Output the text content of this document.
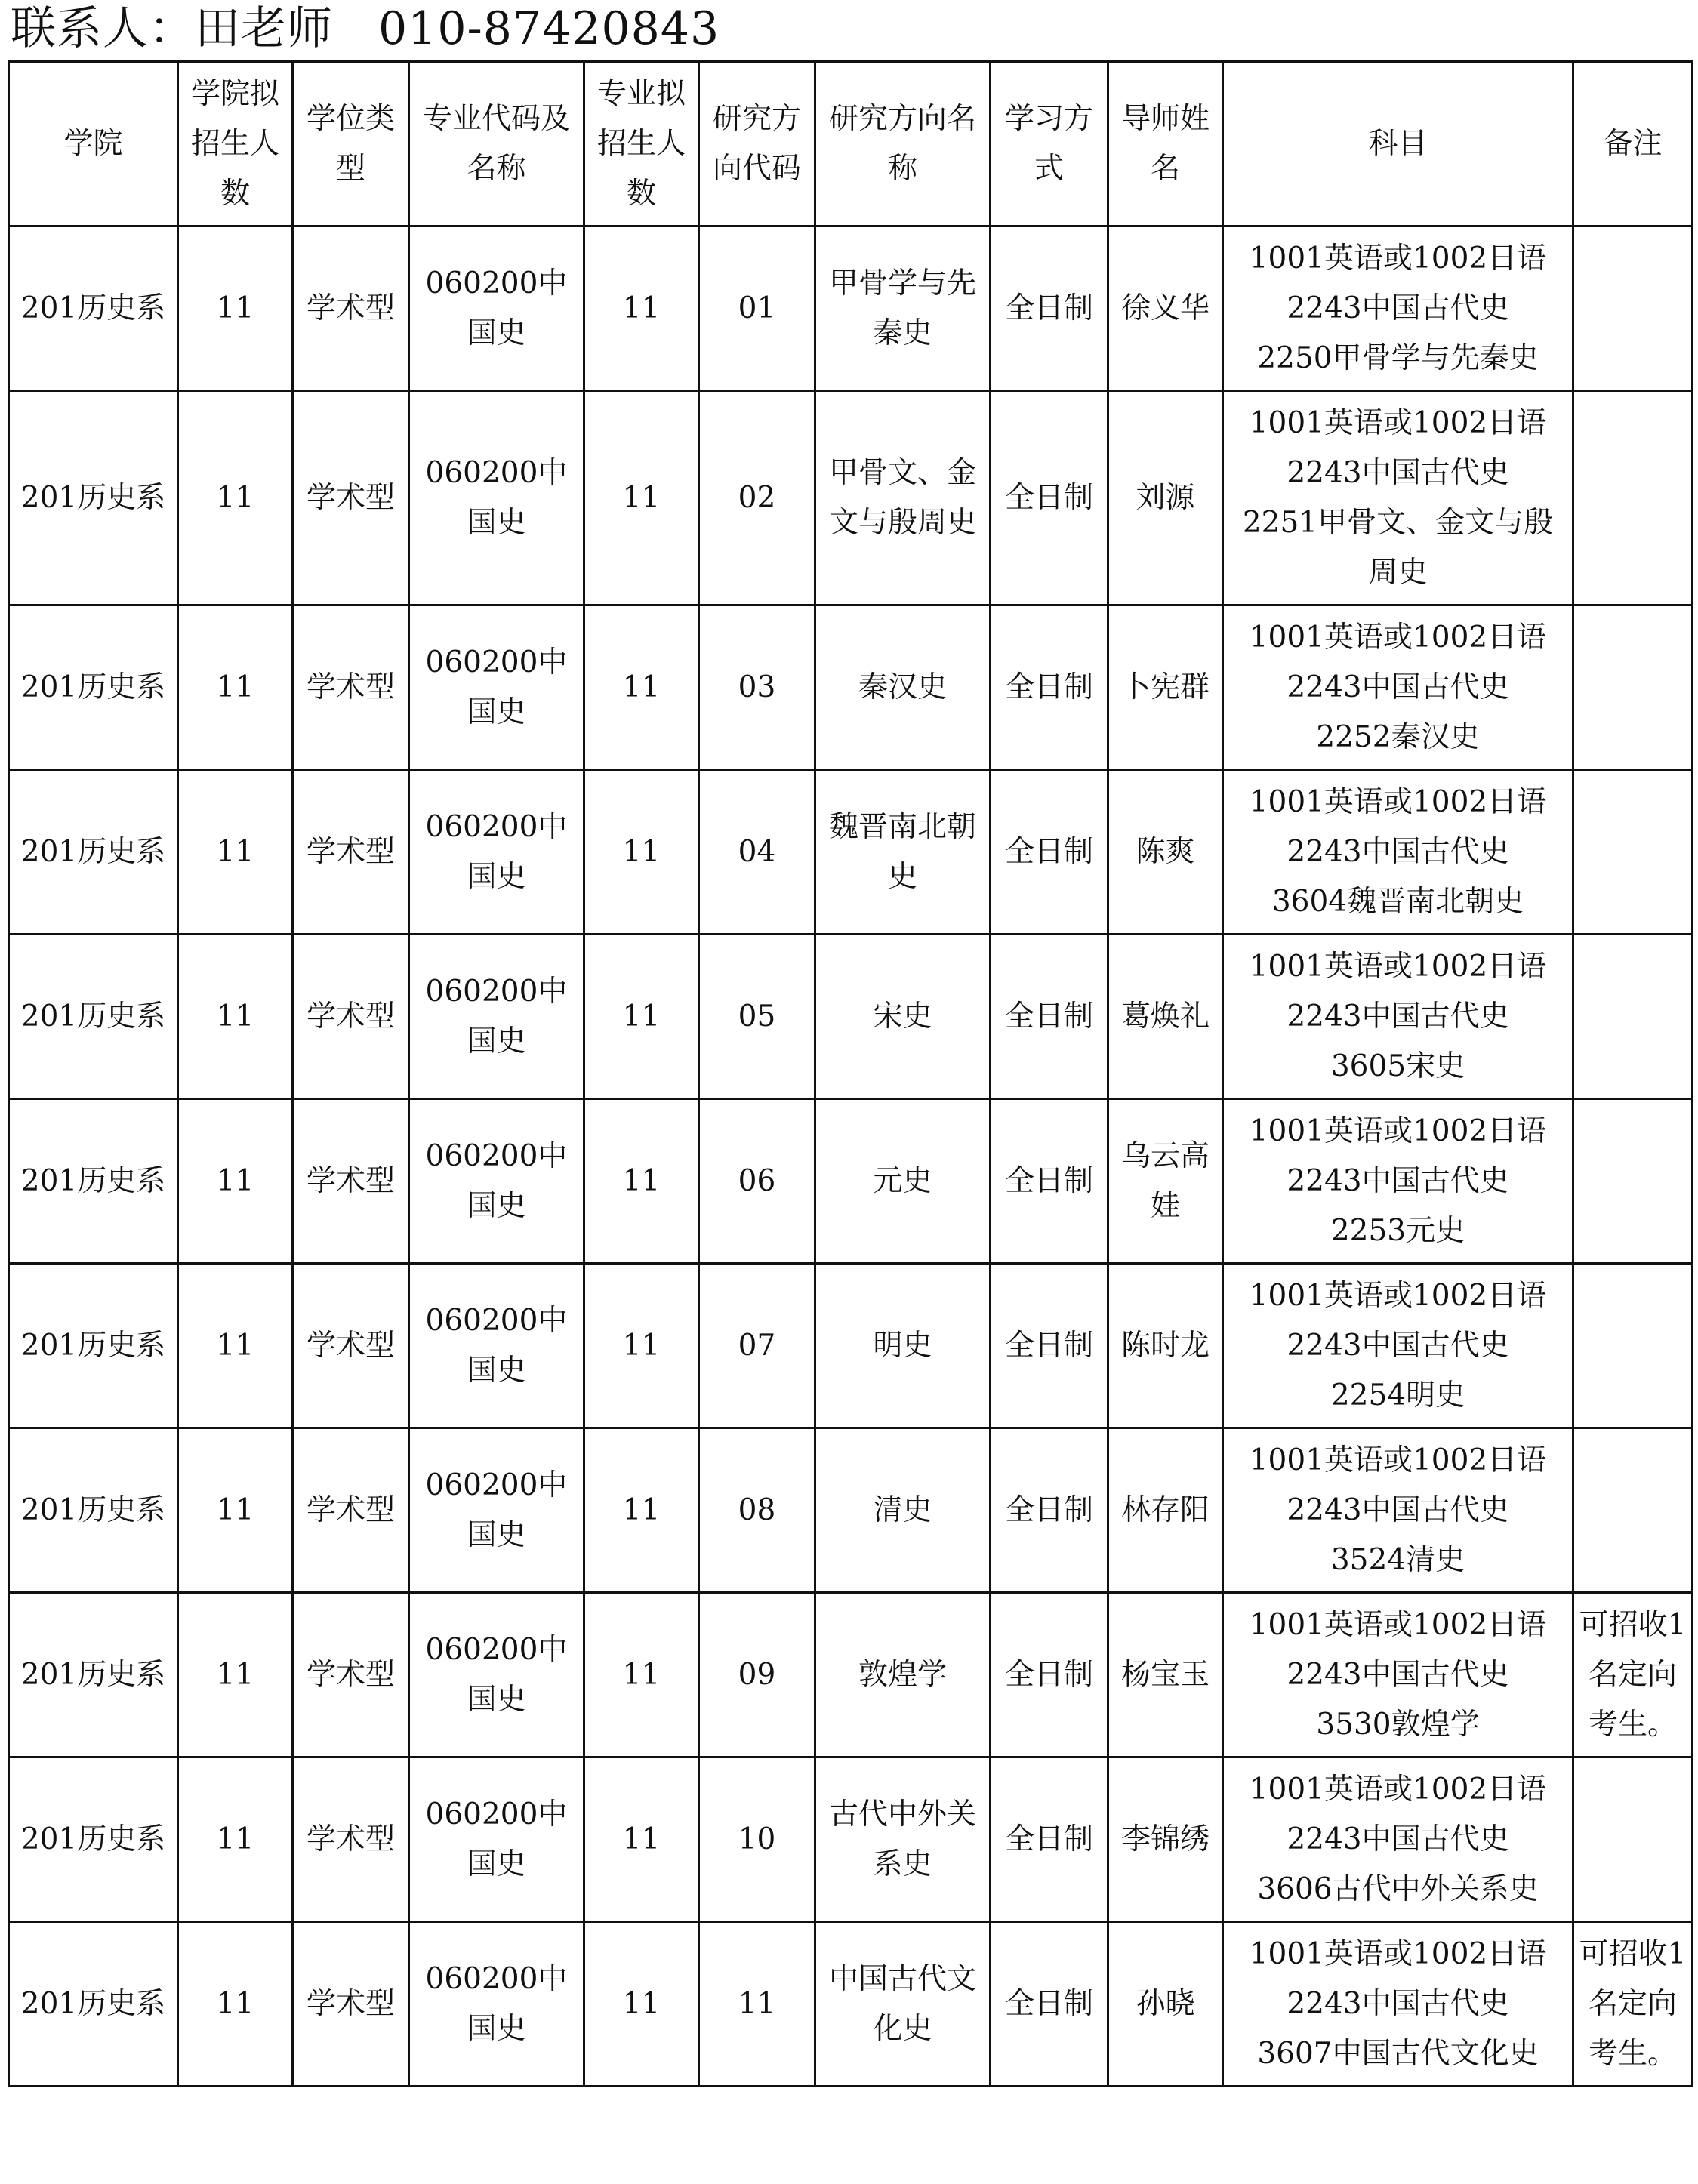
联系人：田老师 010-87420843
学院	学院拟招生人数	学位类型	专业代码及名称	专业拟招生人数	研究方向代码	研究方向名称	学习方式	导师姓名	科目	备注
201历史系	11	学术型	060200中国史	11	01	甲骨学与先秦史	全日制	徐义华	1001英语或1002日语
2243中国古代史
2250甲骨学与先秦史	

201历史系	11	学术型	060200中国史	11	02	甲骨文、金文与殷周史	全日制	刘源	1001英语或1002日语
2243中国古代史
2251甲骨文、金文与殷周史	

201历史系	11	学术型	060200中国史	11	03	秦汉史	全日制	卜宪群	1001英语或1002日语
2243中国古代史
2252秦汉史	

201历史系	11	学术型	060200中国史	11	04	魏晋南北朝史	全日制	陈爽	1001英语或1002日语
2243中国古代史
3604魏晋南北朝史	

201历史系	11	学术型	060200中国史	11	05	宋史	全日制	葛焕礼	1001英语或1002日语
2243中国古代史
3605宋史	

201历史系	11	学术型	060200中国史	11	06	元史	全日制	乌云高娃	1001英语或1002日语
2243中国古代史
2253元史	

201历史系	11	学术型	060200中国史	11	07	明史	全日制	陈时龙	1001英语或1002日语
2243中国古代史
2254明史	

201历史系	11	学术型	060200中国史	11	08	清史	全日制	林存阳	1001英语或1002日语
2243中国古代史
3524清史	

201历史系	11	学术型	060200中国史	11	09	敦煌学	全日制	杨宝玉	1001英语或1002日语
2243中国古代史
3530敦煌学	可招收1名定向考生。
201历史系	11	学术型	060200中国史	11	10	古代中外关系史	全日制	李锦绣	1001英语或1002日语
2243中国古代史
3606古代中外关系史	

201历史系	11	学术型	060200中国史	11	11	中国古代文化史	全日制	孙晓	1001英语或1002日语
2243中国古代史
3607中国古代文化史	可招收1名定向考生。
